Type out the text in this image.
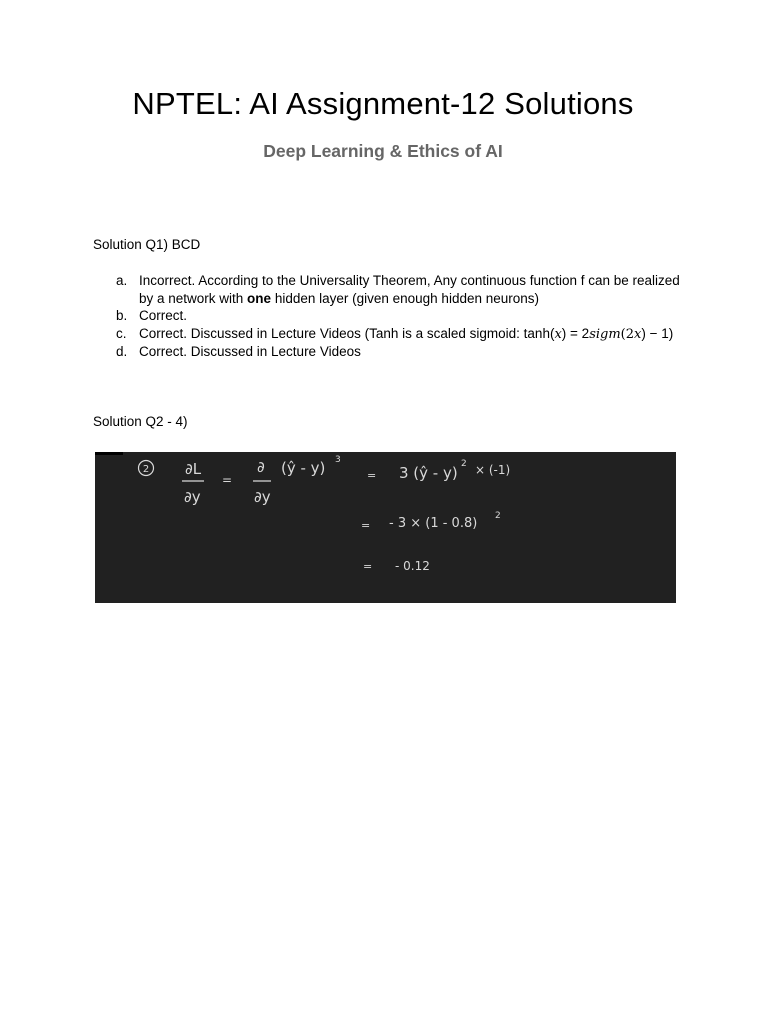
NPTEL: AI Assignment-12 Solutions
Deep Learning & Ethics of AI

Solution Q1) BCD

a. Incorrect. According to the Universality Theorem, Any continuous function f can be realized by a network with one hidden layer (given enough hidden neurons)
b. Correct.
c. Correct. Discussed in Lecture Videos (Tanh is a scaled sigmoid: tanh(x) = 2sigm(2x) − 1)
d. Correct. Discussed in Lecture Videos

Solution Q2 - 4)

2 ∂L
∂y
=
∂
∂y
(ŷ - y) 3
= 3 (ŷ - y) 2 × (-1)
= - 3 × (1 - 0.8) 2
= - 0.12
